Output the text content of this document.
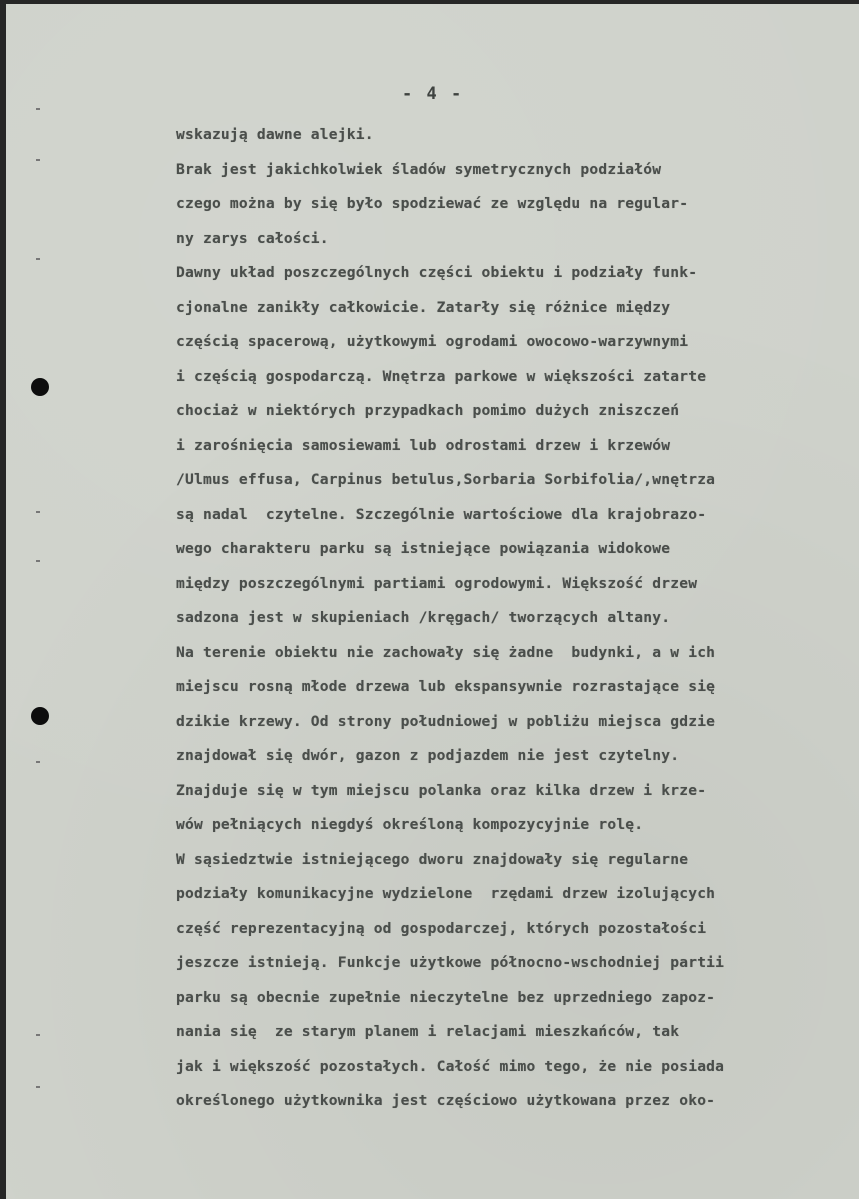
- 4 -
wskazują dawne alejki.
Brak jest jakichkolwiek śladów symetrycznych podziałów
czego można by się było spodziewać ze względu na regular-
ny zarys całości.
Dawny układ poszczególnych części obiektu i podziały funk-
cjonalne zanikły całkowicie. Zatarły się różnice między
częścią spacerową, użytkowymi ogrodami owocowo-warzywnymi
i częścią gospodarczą. Wnętrza parkowe w większości zatarte
chociaż w niektórych przypadkach pomimo dużych zniszczeń
i zarośnięcia samosiewami lub odrostami drzew i krzewów
/Ulmus effusa, Carpinus betulus,Sorbaria Sorbifolia/,wnętrza
są nadal  czytelne. Szczególnie wartościowe dla krajobrazo-
wego charakteru parku są istniejące powiązania widokowe
między poszczególnymi partiami ogrodowymi. Większość drzew
sadzona jest w skupieniach /kręgach/ tworzących altany.
Na terenie obiektu nie zachowały się żadne  budynki, a w ich
miejscu rosną młode drzewa lub ekspansywnie rozrastające się
dzikie krzewy. Od strony południowej w pobliżu miejsca gdzie
znajdował się dwór, gazon z podjazdem nie jest czytelny.
Znajduje się w tym miejscu polanka oraz kilka drzew i krze-
wów pełniących niegdyś określoną kompozycyjnie rolę.
W sąsiedztwie istniejącego dworu znajdowały się regularne
podziały komunikacyjne wydzielone  rzędami drzew izolujących
część reprezentacyjną od gospodarczej, których pozostałości
jeszcze istnieją. Funkcje użytkowe północno-wschodniej partii
parku są obecnie zupełnie nieczytelne bez uprzedniego zapoz-
nania się  ze starym planem i relacjami mieszkańców, tak
jak i większość pozostałych. Całość mimo tego, że nie posiada
określonego użytkownika jest częściowo użytkowana przez oko-
